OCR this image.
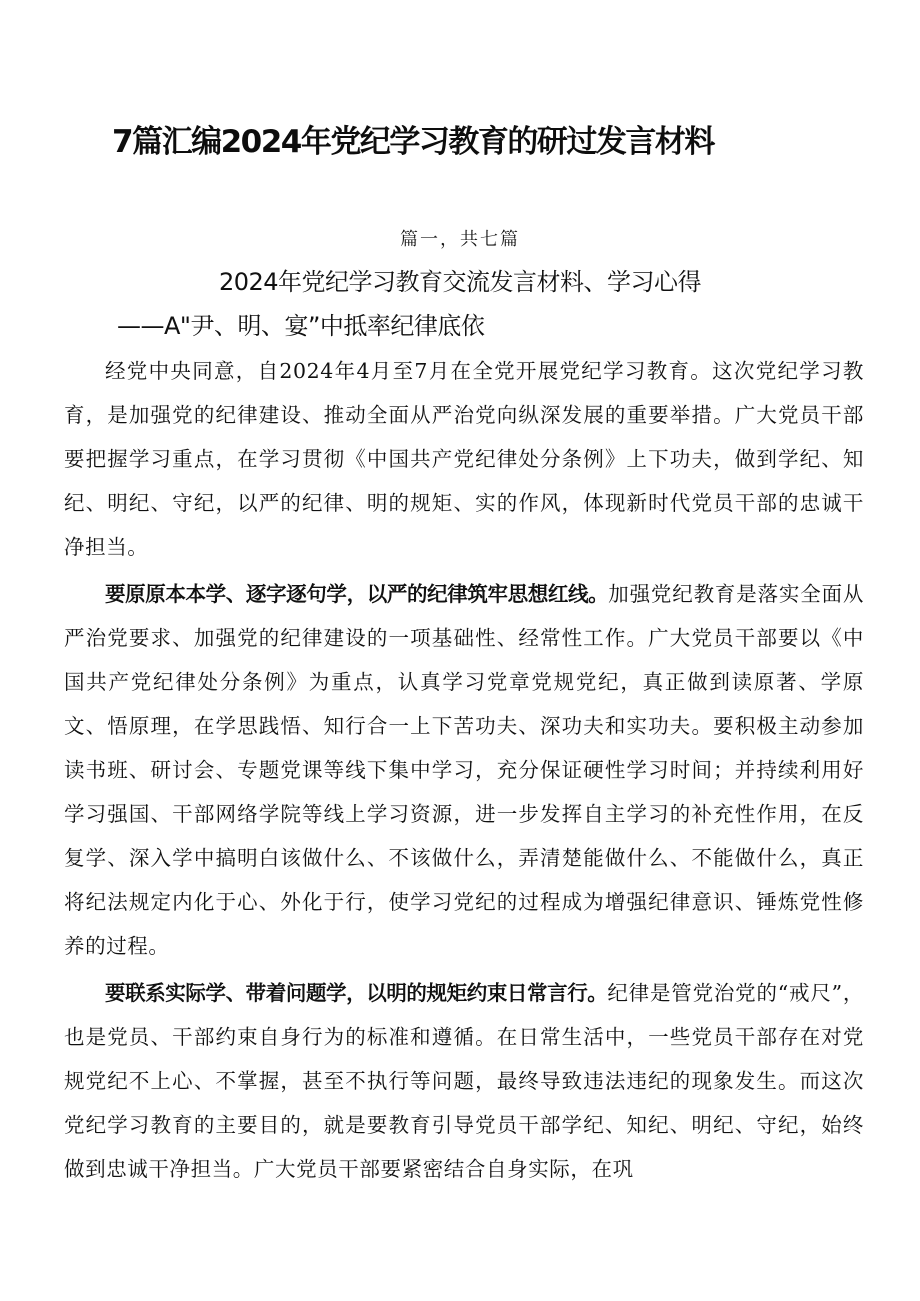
7篇汇编2024年党纪学习教育的研过发言材料
篇一，共七篇
2024年党纪学习教育交流发言材料、学习心得
——A"尹、明、宴”中抵率纪律底依

经党中央同意，自2024年4月至7月在全党开展党纪学习教育。这次党纪学习教育，是加强党的纪律建设、推动全面从严治党向纵深发展的重要举措。广大党员干部要把握学习重点，在学习贯彻《中国共产党纪律处分条例》上下功夫，做到学纪、知纪、明纪、守纪，以严的纪律、明的规矩、实的作风，体现新时代党员干部的忠诚干净担当。

要原原本本学、逐字逐句学，以严的纪律筑牢思想红线。加强党纪教育是落实全面从严治党要求、加强党的纪律建设的一项基础性、经常性工作。广大党员干部要以《中国共产党纪律处分条例》为重点，认真学习党章党规党纪，真正做到读原著、学原文、悟原理，在学思践悟、知行合一上下苦功夫、深功夫和实功夫。要积极主动参加读书班、研讨会、专题党课等线下集中学习，充分保证硬性学习时间；并持续利用好学习强国、干部网络学院等线上学习资源，进一步发挥自主学习的补充性作用，在反复学、深入学中搞明白该做什么、不该做什么，弄清楚能做什么、不能做什么，真正将纪法规定内化于心、外化于行，使学习党纪的过程成为增强纪律意识、锤炼党性修养的过程。

要联系实际学、带着问题学，以明的规矩约束日常言行。纪律是管党治党的“戒尺”，也是党员、干部约束自身行为的标准和遵循。在日常生活中，一些党员干部存在对党规党纪不上心、不掌握，甚至不执行等问题，最终导致违法违纪的现象发生。而这次党纪学习教育的主要目的，就是要教育引导党员干部学纪、知纪、明纪、守纪，始终做到忠诚干净担当。广大党员干部要紧密结合自身实际，在巩
